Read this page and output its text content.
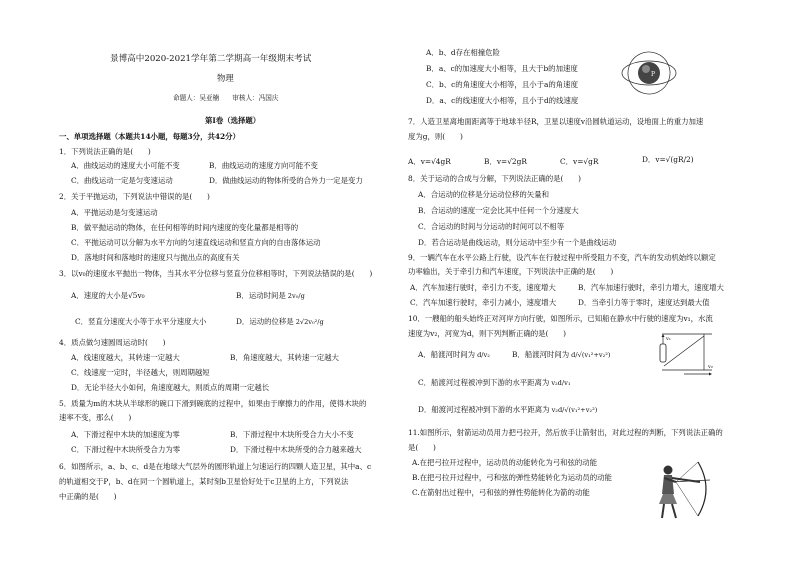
景博高中2020-2021学年第二学期高一年级期末考试
物理
命题人：吴亚楠　　审核人：冯国庆
第Ⅰ卷（选择题）
一、单项选择题（本题共14小题，每题3分，共42分）
1．下列说法正确的是(　　)
A．曲线运动的速度大小可能不变	B．曲线运动的速度方向可能不变
C．曲线运动一定是匀变速运动	D．做曲线运动的物体所受的合外力一定是变力
2．关于平抛运动，下列说法中错误的是(　　)
A．平抛运动是匀变速运动
B．做平抛运动的物体，在任何相等的时间内速度的变化量都是相等的
C．平抛运动可以分解为水平方向的匀速直线运动和竖直方向的自由落体运动
D．落地时间和落地时的速度只与抛出点的高度有关
3．以v₀的速度水平抛出一物体，当其水平分位移与竖直分位移相等时，下列说法错误的是(　　)
A．速度的大小是√5v₀	B．运动时间是 2v₀/g
C．竖直分速度大小等于水平分速度大小	D．运动的位移是 2√2v₀²/g
4．质点做匀速圆周运动时(　　)
A．线速度越大，其转速一定越大	B．角速度越大，其转速一定越大
C．线速度一定时，半径越大，则周期越短
D．无论半径大小如何，角速度越大，则质点的周期一定越长
5．质量为m的木块从半球形的碗口下滑到碗底的过程中，如果由于摩擦力的作用，使得木块的
速率不变，那么(　　)
A．下滑过程中木块的加速度为零	B．下滑过程中木块所受合力大小不变
C．下滑过程中木块所受合力为零	D．下滑过程中木块所受的合力越来越大
6．如图所示，a、b、c、d是在地球大气层外的圆形轨道上匀速运行的四颗人造卫星，其中a、c
的轨道相交于P，b、d在同一个圆轨道上，某时刻b卫星恰好处于c卫星的上方，下列说法
中正确的是(　　)
A．b、d存在相撞危险
B．a、c的加速度大小相等，且大于b的加速度
C．b、c的角速度大小相等，且小于a的角速度
D．a、c的线速度大小相等，且小于d的线速度
P
7．人造卫星离地面距离等于地球半径R，卫星以速度v沿圆轨道运动，设地面上的重力加速
度为g，则(　　)
A．v=√4gR	B．v=√2gR	C．v=√gR	D．v=√(gR/2)
8．关于运动的合成与分解，下列说法正确的是(　　)
A．合运动的位移是分运动位移的矢量和
B．合运动的速度一定会比其中任何一个分速度大
C．合运动的时间与分运动的时间可以不相等
D．若合运动是曲线运动，则分运动中至少有一个是曲线运动
9．一辆汽车在水平公路上行驶，设汽车在行驶过程中所受阻力不变，汽车的发动机始终以额定
功率输出，关于牵引力和汽车速度，下列说法中正确的是(　　)
A．汽车加速行驶时，牵引力不变，速度增大	B．汽车加速行驶时，牵引力增大，速度增大
C．汽车加速行驶时，牵引力减小，速度增大	D．当牵引力等于零时，速度达到最大值
10．一艘船的船头始终正对河岸方向行驶，如图所示，已知船在静水中行驶的速度为v₁，水流
速度为v₂，河宽为d，则下列判断正确的是(　　)
A．船渡河时间为 d/v₂	B．船渡河时间为 d/√(v₁²+v₂²)
C．船渡河过程被冲到下游的水平距离为 v₂d/v₁
D．船渡河过程被冲到下游的水平距离为 v₂d/√(v₁²+v₂²)
v₁
v₂
11.如图所示，射箭运动员用力把弓拉开，然后放手让箭射出，对此过程的判断，下列说法正确的
是(　　)
A.在把弓拉开过程中，运动员的动能转化为弓和弦的动能
B.在把弓拉开过程中，弓和弦的弹性势能转化为运动员的动能
C.在箭射出过程中，弓和弦的弹性势能转化为箭的动能
